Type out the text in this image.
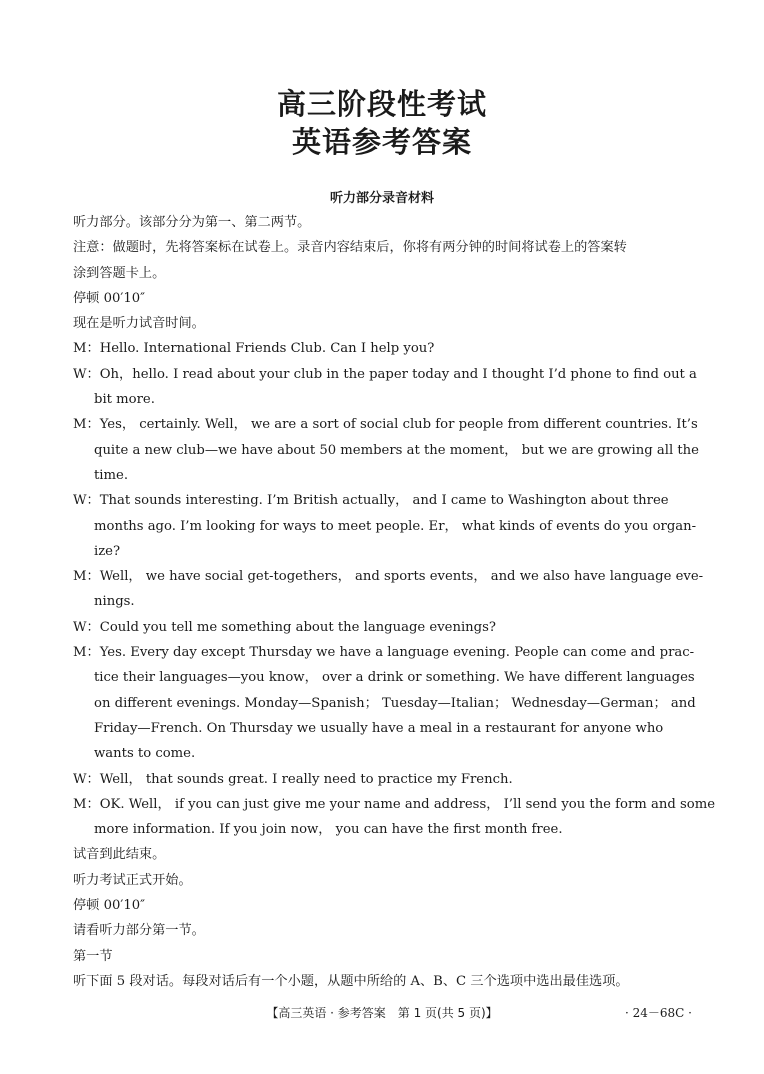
高三阶段性考试
英语参考答案
听力部分录音材料
听力部分。该部分分为第一、第二两节。
注意：做题时，先将答案标在试卷上。录音内容结束后，你将有两分钟的时间将试卷上的答案转
涂到答题卡上。
停顿 00′10″
现在是听力试音时间。
M：Hello. International Friends Club. Can I help you?
W：Oh，hello. I read about your club in the paper today and I thought I’d phone to find out a
bit more.
M：Yes， certainly. Well， we are a sort of social club for people from different countries. It’s
quite a new club—we have about 50 members at the moment， but we are growing all the
time.
W：That sounds interesting. I’m British actually， and I came to Washington about three
months ago. I’m looking for ways to meet people. Er， what kinds of events do you organ-
ize?
M：Well， we have social get-togethers， and sports events， and we also have language eve-
nings.
W：Could you tell me something about the language evenings?
M：Yes. Every day except Thursday we have a language evening. People can come and prac-
tice their languages—you know， over a drink or something. We have different languages
on different evenings. Monday—Spanish； Tuesday—Italian； Wednesday—German； and
Friday—French. On Thursday we usually have a meal in a restaurant for anyone who
wants to come.
W：Well， that sounds great. I really need to practice my French.
M：OK. Well， if you can just give me your name and address， I’ll send you the form and some
more information. If you join now， you can have the first month free.
试音到此结束。
听力考试正式开始。
停顿 00′10″
请看听力部分第一节。
第一节
听下面 5 段对话。每段对话后有一个小题，从题中所给的 A、B、C 三个选项中选出最佳选项。
【高三英语 · 参考答案　第 1 页(共 5 页)】	· 24－68C ·
